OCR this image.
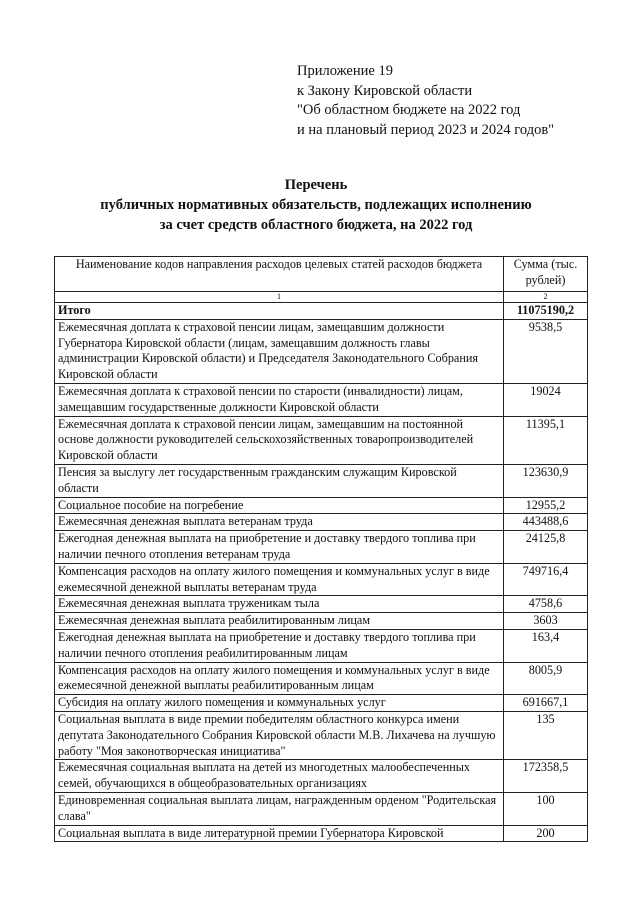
Приложение 19
к Закону Кировской области
"Об областном бюджете на 2022 год
и на плановый период 2023 и 2024 годов"
Перечень
публичных нормативных обязательств, подлежащих исполнению
за счет средств областного бюджета, на 2022 год
Наименование кодов направления расходов целевых статей расходов бюджета	Сумма (тыс. рублей)
1	2
Итого	11075190,2
Ежемесячная доплата к страховой пенсии лицам, замещавшим должности Губернатора Кировской области (лицам, замещавшим должность главы администрации Кировской области) и Председателя Законодательного Собрания Кировской области	9538,5
Ежемесячная доплата к страховой пенсии по старости (инвалидности) лицам, замещавшим государственные должности Кировской области	19024
Ежемесячная доплата к страховой пенсии лицам, замещавшим на постоянной основе должности руководителей сельскохозяйственных товаропроизводителей Кировской области	11395,1
Пенсия за выслугу лет государственным гражданским служащим Кировской области	123630,9
Социальное пособие на погребение	12955,2
Ежемесячная денежная выплата ветеранам труда	443488,6
Ежегодная денежная выплата на приобретение и доставку твердого топлива при наличии печного отопления ветеранам труда	24125,8
Компенсация расходов на оплату жилого помещения и коммунальных услуг в виде ежемесячной денежной выплаты ветеранам труда	749716,4
Ежемесячная денежная выплата труженикам тыла	4758,6
Ежемесячная денежная выплата реабилитированным лицам	3603
Ежегодная денежная выплата на приобретение и доставку твердого топлива при наличии печного отопления реабилитированным лицам	163,4
Компенсация расходов на оплату жилого помещения и коммунальных услуг в виде ежемесячной денежной выплаты реабилитированным лицам	8005,9
Субсидия на оплату жилого помещения и коммунальных услуг	691667,1
Социальная выплата в виде премии победителям областного конкурса имени депутата Законодательного Собрания Кировской области М.В. Лихачева на лучшую работу "Моя законотворческая инициатива"	135
Ежемесячная социальная выплата на детей из многодетных малообеспеченных семей, обучающихся в общеобразовательных организациях	172358,5
Единовременная социальная выплата лицам, награжденным орденом "Родительская слава"	100
Социальная выплата в виде литературной премии Губернатора Кировской	200
